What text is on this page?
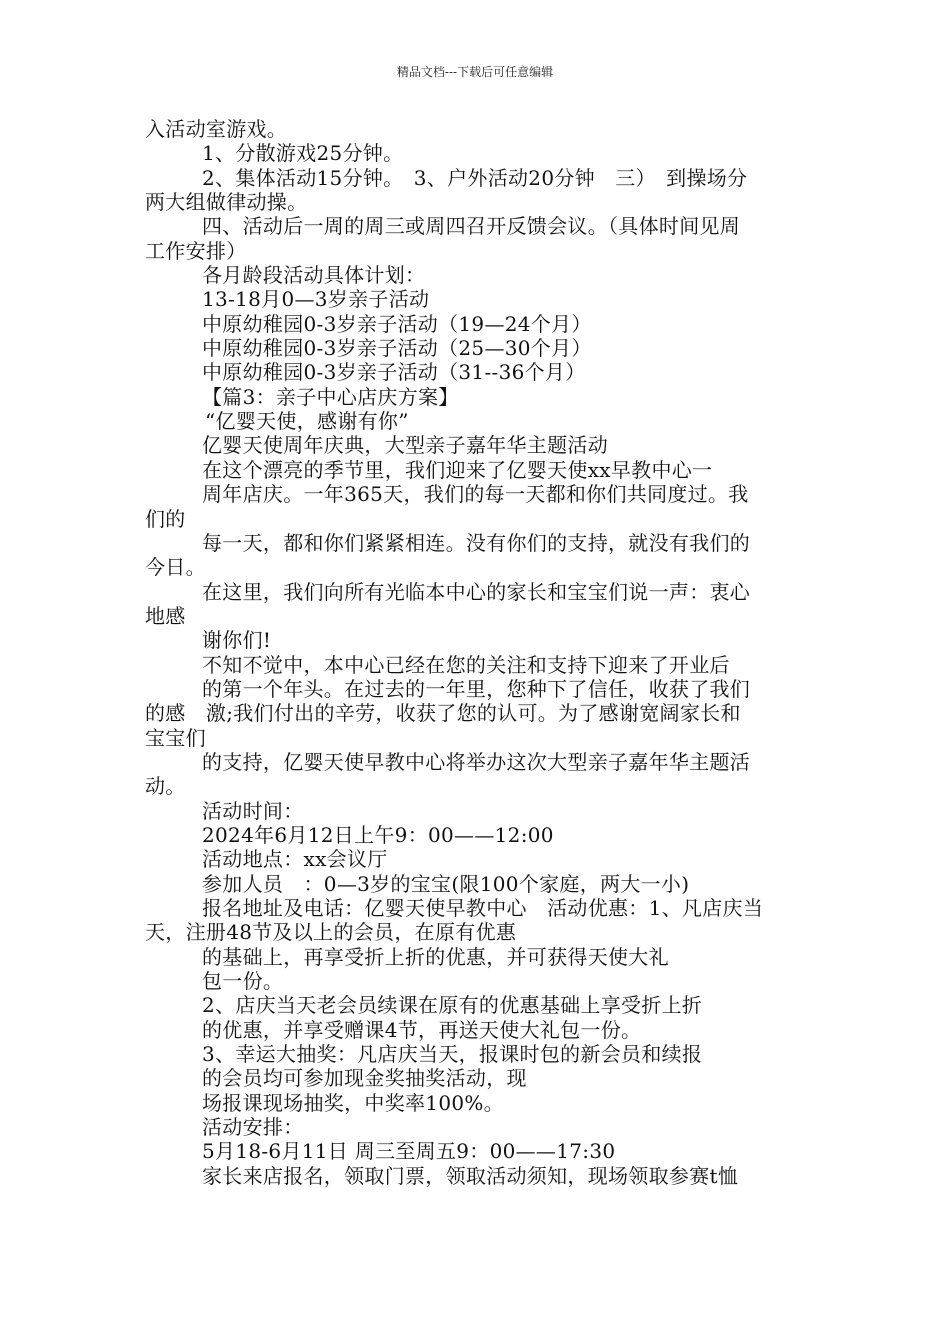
精品文档---下载后可任意编辑
入活动室游戏。
1、分散游戏25分钟。
2、集体活动15分钟。　3、户外活动20分钟　三）　到操场分
两大组做律动操。
四、活动后一周的周三或周四召开反馈会议。（具体时间见周
工作安排）
各月龄段活动具体计划：
13-18月0—3岁亲子活动
中原幼稚园0-3岁亲子活动（19—24个月）
中原幼稚园0-3岁亲子活动（25—30个月）
中原幼稚园0-3岁亲子活动（31--36个月）
【篇3：亲子中心店庆方案】
“亿婴天使，感谢有你”
亿婴天使周年庆典，大型亲子嘉年华主题活动
在这个漂亮的季节里，我们迎来了亿婴天使xx早教中心一
周年店庆。一年365天，我们的每一天都和你们共同度过。我
们的
每一天，都和你们紧紧相连。没有你们的支持，就没有我们的
今日。
在这里，我们向所有光临本中心的家长和宝宝们说一声：衷心
地感
谢你们!
不知不觉中，本中心已经在您的关注和支持下迎来了开业后
的第一个年头。在过去的一年里，您种下了信任，收获了我们
的感　激;我们付出的辛劳，收获了您的认可。为了感谢宽阔家长和
宝宝们
的支持，亿婴天使早教中心将举办这次大型亲子嘉年华主题活
动。
活动时间：
2024年6月12日上午9：00——12:00
活动地点：xx会议厅
参加人员　：0—3岁的宝宝(限100个家庭，两大一小)
报名地址及电话：亿婴天使早教中心　活动优惠：1、凡店庆当
天，注册48节及以上的会员，在原有优惠
的基础上，再享受折上折的优惠，并可获得天使大礼
包一份。
2、店庆当天老会员续课在原有的优惠基础上享受折上折
的优惠，并享受赠课4节，再送天使大礼包一份。
3、幸运大抽奖：凡店庆当天，报课时包的新会员和续报
的会员均可参加现金奖抽奖活动，现
场报课现场抽奖，中奖率100%。
活动安排：
5月18-6月11日 周三至周五9：00——17:30
家长来店报名，领取门票，领取活动须知，现场领取参赛t恤
